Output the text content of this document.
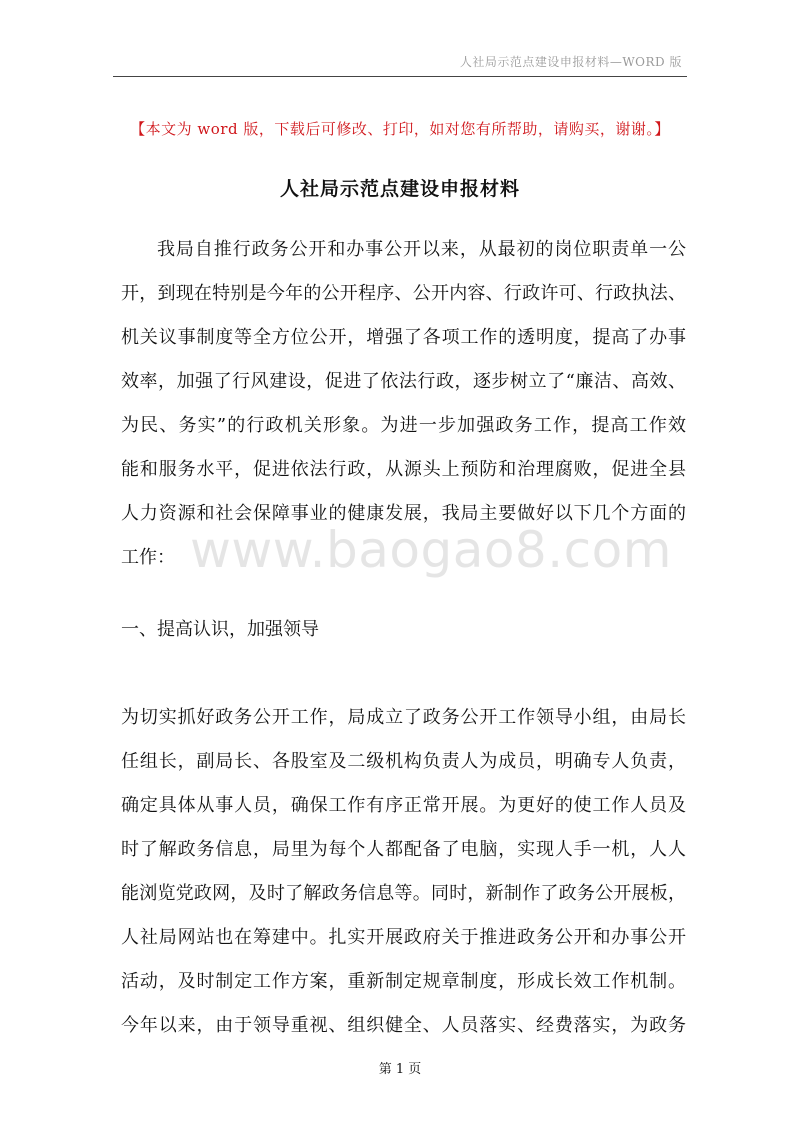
人社局示范点建设申报材料—WORD 版
【本文为 word 版，下载后可修改、打印，如对您有所帮助，请购买，谢谢。】
人社局示范点建设申报材料
我局自推行政务公开和办事公开以来，从最初的岗位职责单一公
开，到现在特别是今年的公开程序、公开内容、行政许可、行政执法、
机关议事制度等全方位公开，增强了各项工作的透明度，提高了办事
效率，加强了行风建设，促进了依法行政，逐步树立了“廉洁、高效、
为民、务实”的行政机关形象。为进一步加强政务工作，提高工作效
能和服务水平，促进依法行政，从源头上预防和治理腐败，促进全县
人力资源和社会保障事业的健康发展，我局主要做好以下几个方面的
工作： www.baogao8.com
一、提高认识，加强领导
为切实抓好政务公开工作，局成立了政务公开工作领导小组，由局长
任组长，副局长、各股室及二级机构负责人为成员，明确专人负责，
确定具体从事人员，确保工作有序正常开展。为更好的使工作人员及
时了解政务信息，局里为每个人都配备了电脑，实现人手一机，人人
能浏览党政网，及时了解政务信息等。同时，新制作了政务公开展板，
人社局网站也在筹建中。扎实开展政府关于推进政务公开和办事公开
活动，及时制定工作方案，重新制定规章制度，形成长效工作机制。
今年以来，由于领导重视、组织健全、人员落实、经费落实，为政务
第 1 页
